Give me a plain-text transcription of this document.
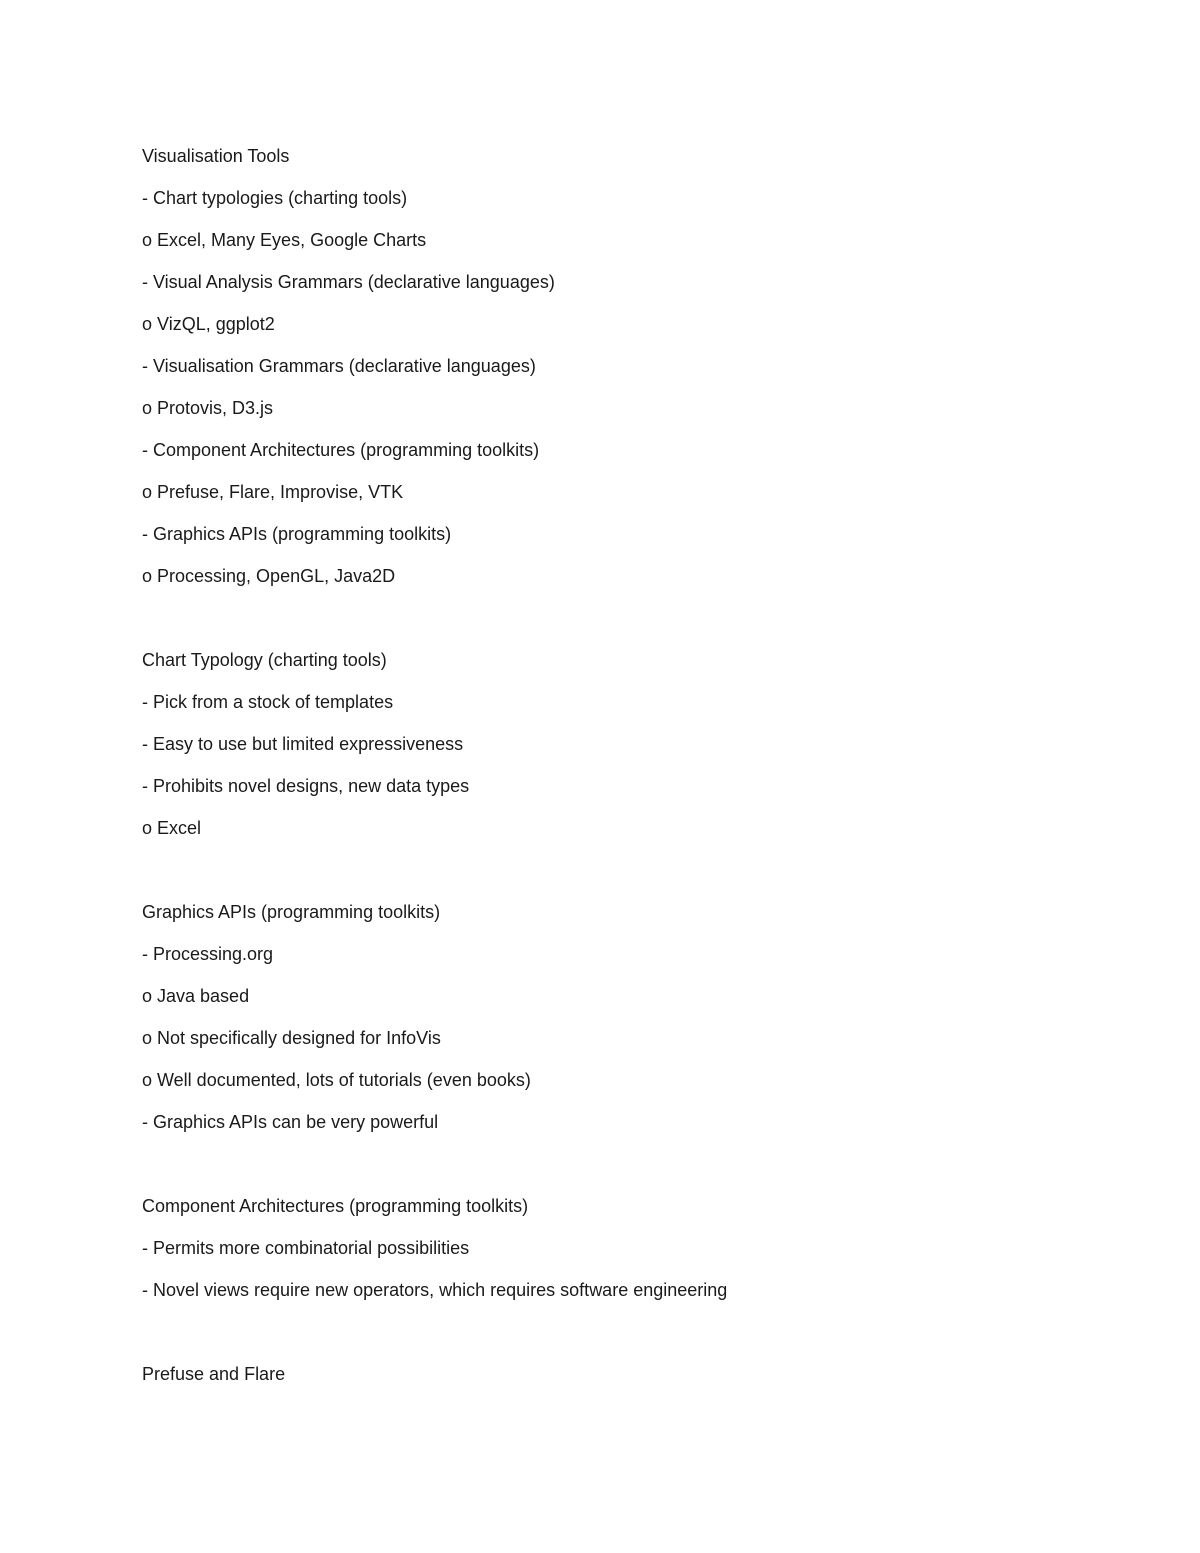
Visualisation Tools
- Chart typologies (charting tools)
o Excel, Many Eyes, Google Charts
- Visual Analysis Grammars (declarative languages)
o VizQL, ggplot2
- Visualisation Grammars (declarative languages)
o Protovis, D3.js
- Component Architectures (programming toolkits)
o Prefuse, Flare, Improvise, VTK
- Graphics APIs (programming toolkits)
o Processing, OpenGL, Java2D
Chart Typology (charting tools)
- Pick from a stock of templates
- Easy to use but limited expressiveness
- Prohibits novel designs, new data types
o Excel
Graphics APIs (programming toolkits)
- Processing.org
o Java based
o Not specifically designed for InfoVis
o Well documented, lots of tutorials (even books)
- Graphics APIs can be very powerful
Component Architectures (programming toolkits)
- Permits more combinatorial possibilities
- Novel views require new operators, which requires software engineering
Prefuse and Flare
